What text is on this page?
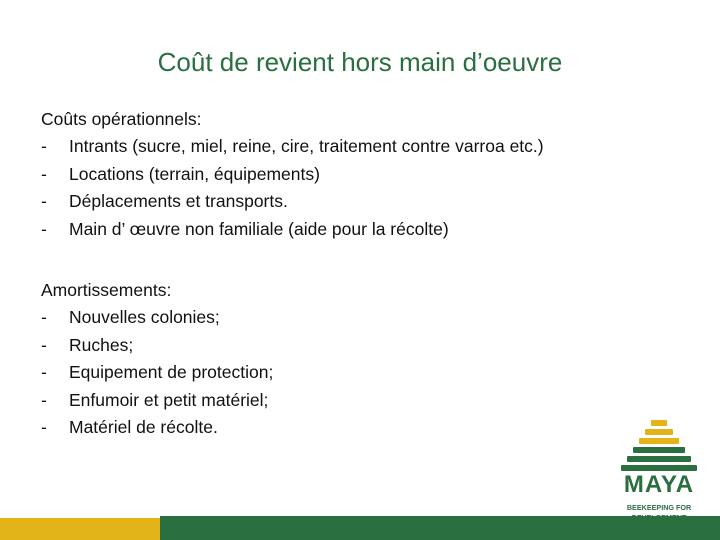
Coût de revient hors main d’oeuvre
Coûts opérationnels:
- Intrants (sucre, miel, reine, cire, traitement contre varroa etc.)
- Locations (terrain, équipements)
- Déplacements et transports.
- Main d’ œuvre non familiale (aide pour la récolte)
Amortissements:
- Nouvelles colonies;
- Ruches;
- Equipement de protection;
- Enfumoir et petit matériel;
- Matériel de récolte.
MAYA
BEEKEEPING FOR
